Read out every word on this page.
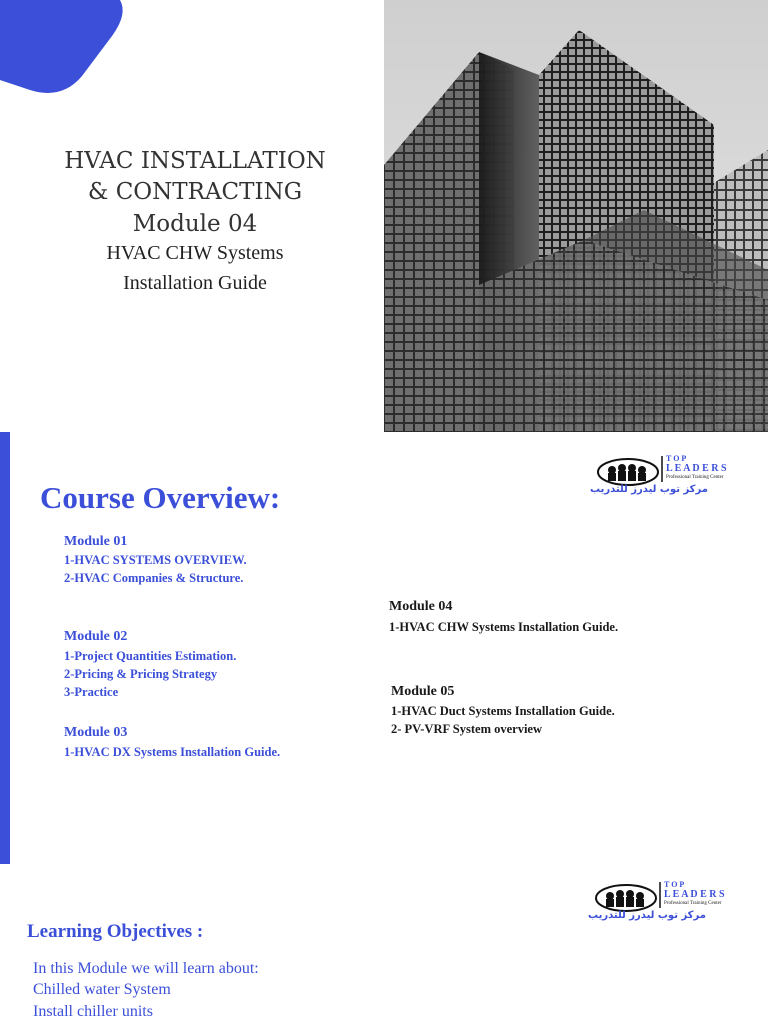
HVAC INSTALLATION
& CONTRACTING
Module 04
HVAC CHW Systems
Installation Guide
T O P
L E A D E R S
Professional Training Center
مركز توب ليدرز للتدريب
Course Overview:
Module 01
1-HVAC SYSTEMS OVERVIEW.
2-HVAC Companies & Structure.
Module 02
1-Project Quantities Estimation.
2-Pricing & Pricing Strategy
3-Practice
Module 03
1-HVAC DX Systems Installation Guide.
Module 04
1-HVAC CHW Systems Installation Guide.
Module 05
1-HVAC Duct Systems Installation Guide.
2- PV-VRF System overview
T O P
L E A D E R S
Professional Training Center
مركز توب ليدرز للتدريب
Learning Objectives :
In this Module we will learn about:
Chilled water System
Install chiller units
